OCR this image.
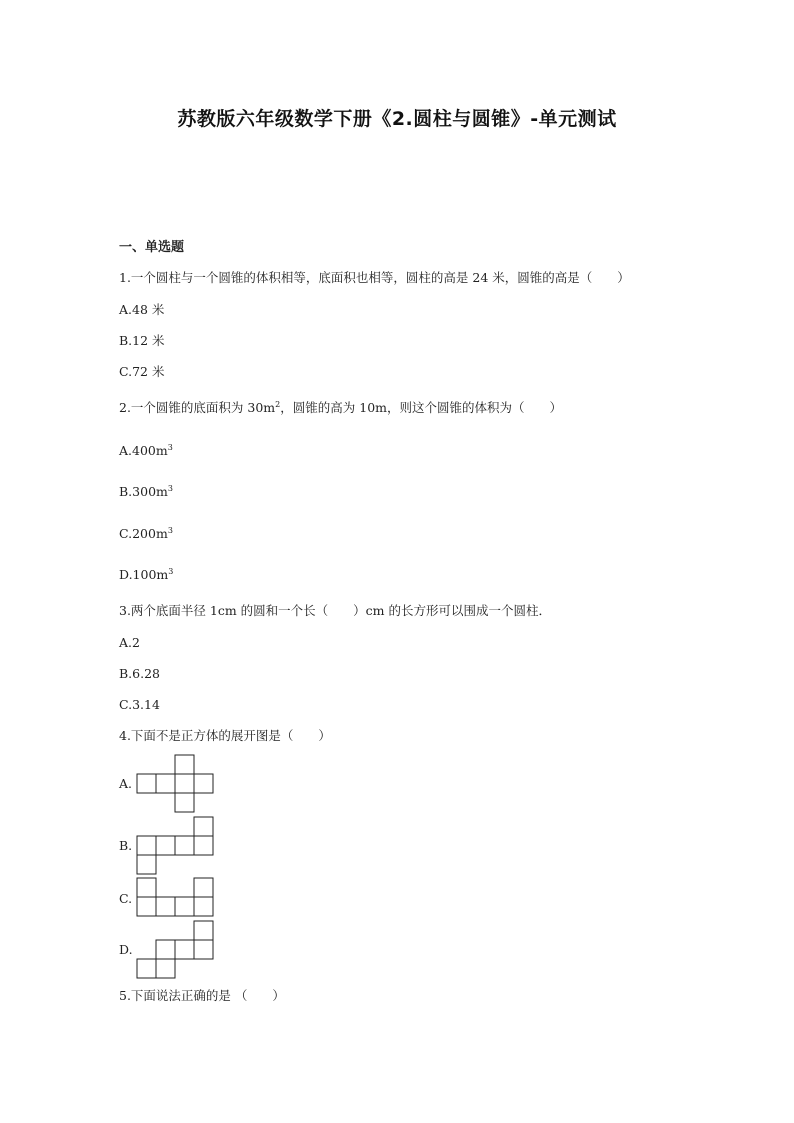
苏教版六年级数学下册《2.圆柱与圆锥》-单元测试
一、单选题
1.一个圆柱与一个圆锥的体积相等，底面积也相等，圆柱的高是 24 米，圆锥的高是（　　）
A.48 米
B.12 米
C.72 米
2.一个圆锥的底面积为 $30m^2$，圆锥的高为 10m，则这个圆锥的体积为（　　）
$A.400m^3$
$B.300m^3$
$C.200m^3$
$D.100m^3$
3.两个底面半径 1cm 的圆和一个长（　　）cm 的长方形可以围成一个圆柱．
A.2
B.6.28
C.3.14
4.下面不是正方体的展开图是（　　）
A.
B.
C.
D.
5.下面说法正确的是 （　　）
